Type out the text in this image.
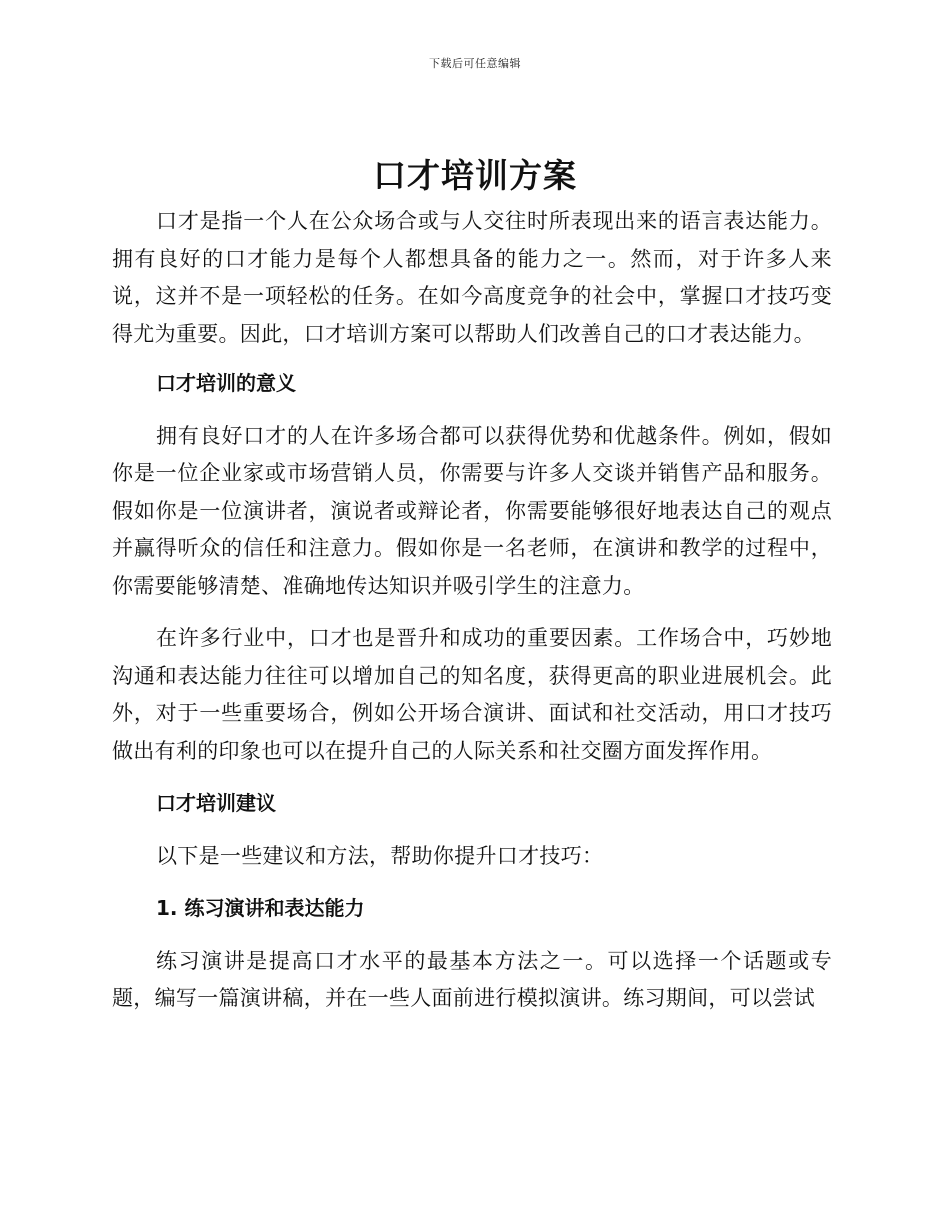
下载后可任意编辑
口才培训方案

口才是指一个人在公众场合或与人交往时所表现出来的语言表达能力。拥有良好的口才能力是每个人都想具备的能力之一。然而，对于许多人来说，这并不是一项轻松的任务。在如今高度竞争的社会中，掌握口才技巧变得尤为重要。因此，口才培训方案可以帮助人们改善自己的口才表达能力。

口才培训的意义

拥有良好口才的人在许多场合都可以获得优势和优越条件。例如，假如你是一位企业家或市场营销人员，你需要与许多人交谈并销售产品和服务。假如你是一位演讲者，演说者或辩论者，你需要能够很好地表达自己的观点并赢得听众的信任和注意力。假如你是一名老师，在演讲和教学的过程中，你需要能够清楚、准确地传达知识并吸引学生的注意力。

在许多行业中，口才也是晋升和成功的重要因素。工作场合中，巧妙地沟通和表达能力往往可以增加自己的知名度，获得更高的职业进展机会。此外，对于一些重要场合，例如公开场合演讲、面试和社交活动，用口才技巧做出有利的印象也可以在提升自己的人际关系和社交圈方面发挥作用。

口才培训建议

以下是一些建议和方法，帮助你提升口才技巧：

1. 练习演讲和表达能力

练习演讲是提高口才水平的最基本方法之一。可以选择一个话题或专题，编写一篇演讲稿，并在一些人面前进行模拟演讲。练习期间，可以尝试
